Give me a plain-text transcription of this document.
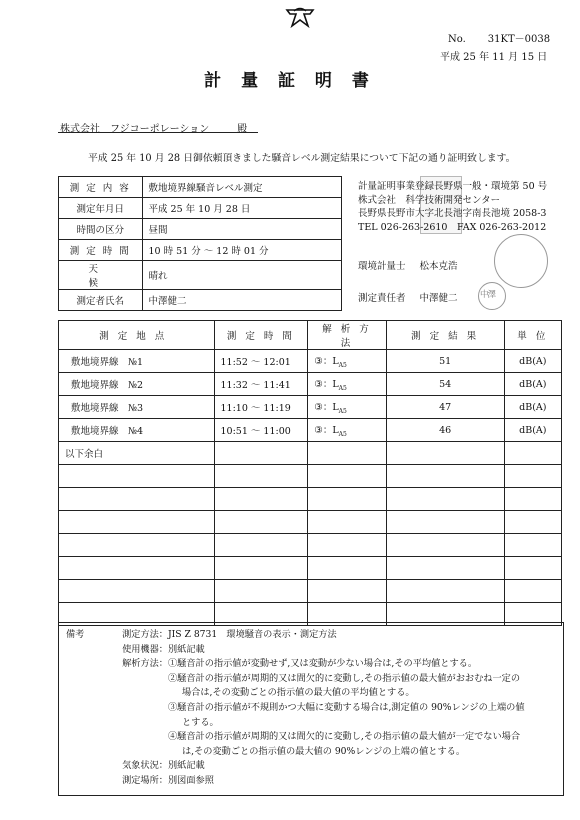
No. 31KT－0038
平成 25 年 11 月 15 日
計 量 証 明 書
株式会社　フジコーポレーション	殿
平成 25 年 10 月 28 日御依頼頂きました騒音レベル測定結果について下記の通り証明致します。
測 定 内 容	敷地境界線騒音レベル測定
測定年月日	平成 25 年 10 月 28 日
時間の区分	昼間
測 定 時 間	10 時 51 分 ～ 12 時 01 分
天　　候	晴れ
測定者氏名	中澤健二
計量証明事業登録長野県一般・環境第 50 号
株式会社　科学技術開発センター
長野県長野市大字北長池字南長池境 2058-3
TEL 026-263-2610　FAX 026-263-2012
環境計量士 松本克浩
測定責任者 中澤健二	中澤
測 定 地 点	測 定 時 間	解 析 方 法	測 定 結 果	単 位
敷地境界線　№1	11:52 ～ 12:01	③：$L_{A5}$	51	dB(A)
敷地境界線　№2	11:32 ～ 11:41	③：$L_{A5}$	54	dB(A)
敷地境界線　№3	11:10 ～ 11:19	③：$L_{A5}$	47	dB(A)
敷地境界線　№4	10:51 ～ 11:00	③：$L_{A5}$	46	dB(A)
以下余白				

備考	測定方法： JIS Z 8731　環境騒音の表示・測定方法
使用機器： 別紙記載
解析方法： ①騒音計の指示値が変動せず,又は変動が少ない場合は,その平均値とする。
②騒音計の指示値が周期的又は間欠的に変動し,その指示値の最大値がおおむね一定の
場合は,その変動ごとの指示値の最大値の平均値とする。
③騒音計の指示値が不規則かつ大幅に変動する場合は,測定値の 90%レンジの上端の値
とする。
④騒音計の指示値が周期的又は間欠的に変動し,その指示値の最大値が一定でない場合
は,その変動ごとの指示値の最大値の 90%レンジの上端の値とする。
気象状況： 別紙記載
測定場所： 別図面参照
